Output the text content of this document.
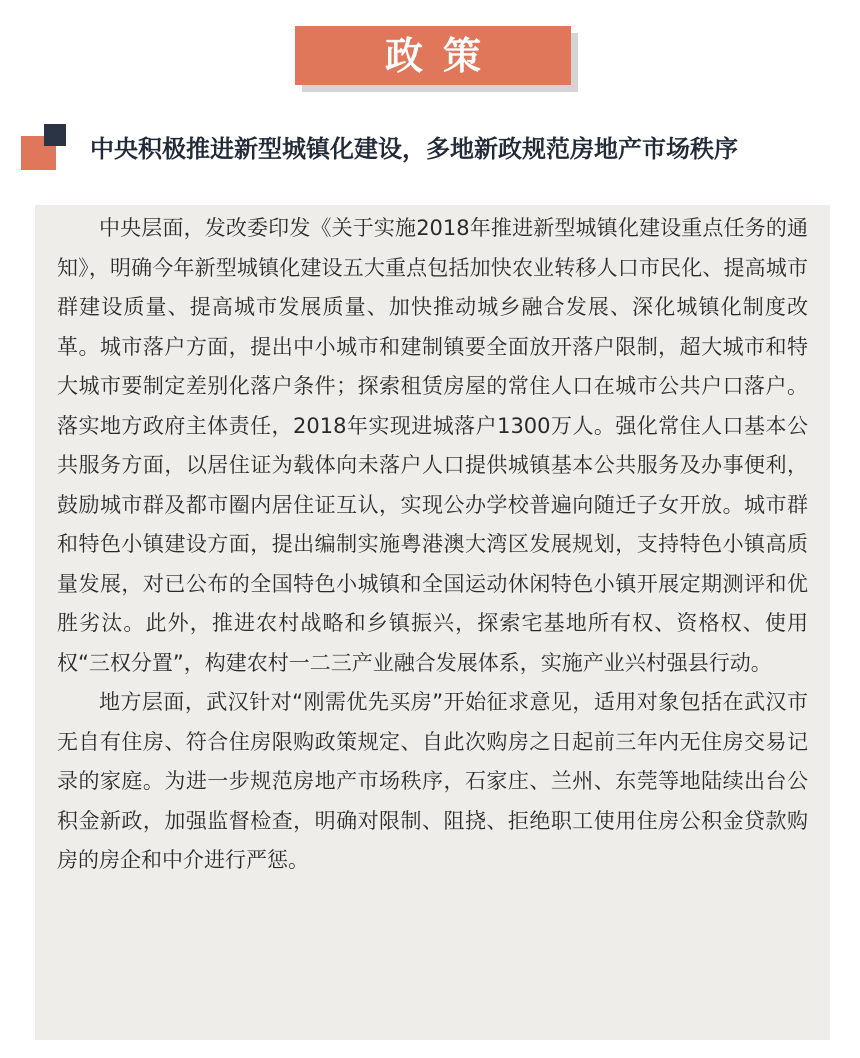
政策
中央积极推进新型城镇化建设，多地新政规范房地产市场秩序

中央层面，发改委印发《关于实施2018年推进新型城镇化建设重点任务的通知》，明确今年新型城镇化建设五大重点包括加快农业转移人口市民化、提高城市群建设质量、提高城市发展质量、加快推动城乡融合发展、深化城镇化制度改革。城市落户方面，提出中小城市和建制镇要全面放开落户限制，超大城市和特大城市要制定差别化落户条件；探索租赁房屋的常住人口在城市公共户口落户。落实地方政府主体责任，2018年实现进城落户1300万人。强化常住人口基本公共服务方面，以居住证为载体向未落户人口提供城镇基本公共服务及办事便利，鼓励城市群及都市圈内居住证互认，实现公办学校普遍向随迁子女开放。城市群和特色小镇建设方面，提出编制实施粤港澳大湾区发展规划，支持特色小镇高质量发展，对已公布的全国特色小城镇和全国运动休闲特色小镇开展定期测评和优胜劣汰。此外，推进农村战略和乡镇振兴，探索宅基地所有权、资格权、使用权“三权分置”，构建农村一二三产业融合发展体系，实施产业兴村强县行动。

地方层面，武汉针对“刚需优先买房”开始征求意见，适用对象包括在武汉市无自有住房、符合住房限购政策规定、自此次购房之日起前三年内无住房交易记录的家庭。为进一步规范房地产市场秩序，石家庄、兰州、东莞等地陆续出台公积金新政，加强监督检查，明确对限制、阻挠、拒绝职工使用住房公积金贷款购房的房企和中介进行严惩。
